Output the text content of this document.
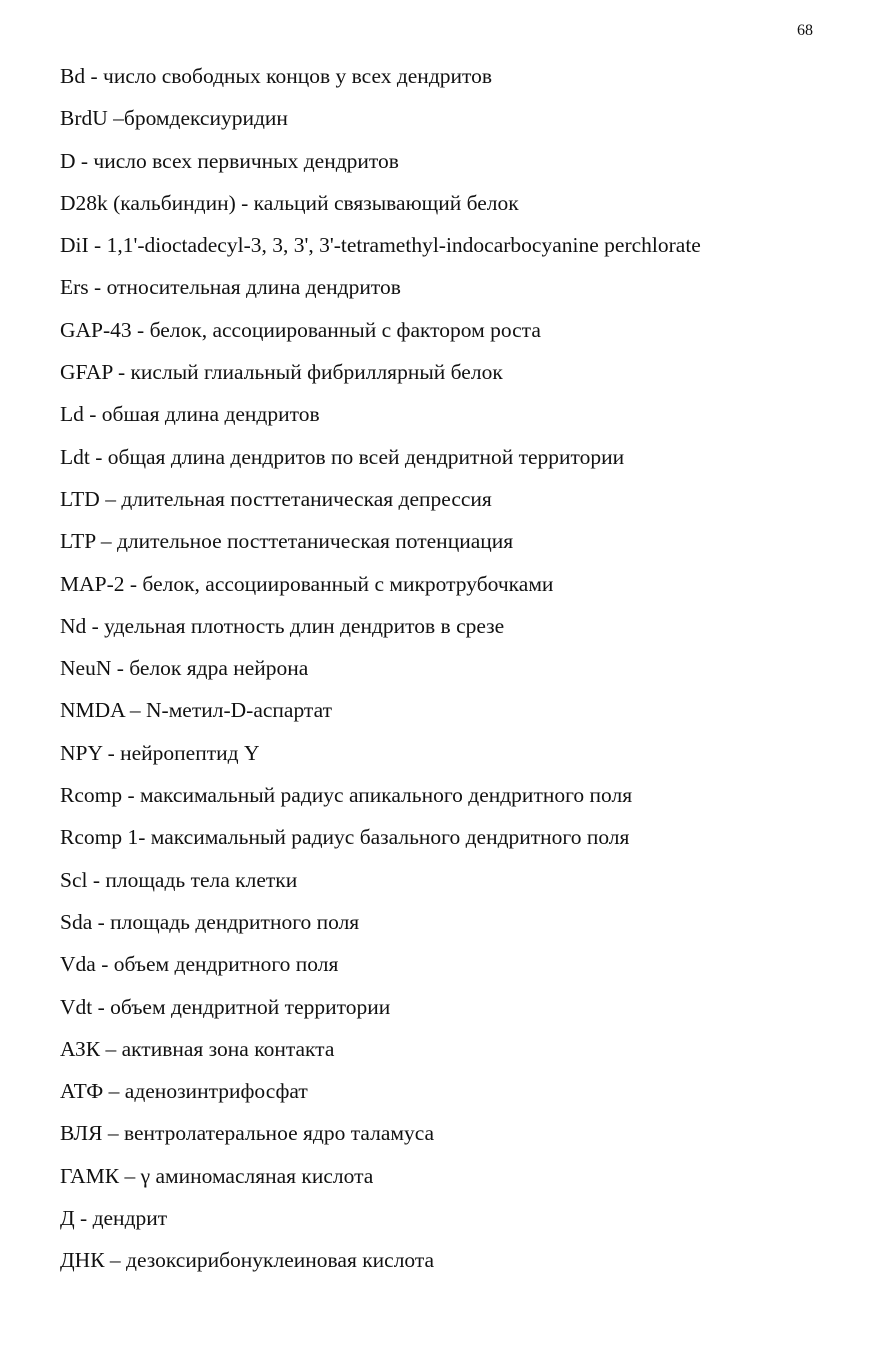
68
Bd - число свободных концов у всех дендритов
BrdU –бромдексиуридин
D - число всех первичных дендритов
D28k (кальбиндин) - кальций связывающий белок
DiI - 1,1'-dioctadecyl-3, 3, 3', 3'-tetramethyl-indocarbocyanine perchlorate
Ers - относительная длина дендритов
GAP-43 - белок, ассоциированный с фактором роста
GFAP - кислый глиальный фибриллярный белок
Ld - обшая длина дендритов
Ldt - общая длина дендритов по всей дендритной территории
LTD – длительная посттетаническая депрессия
LTP – длительное посттетаническая потенциация
MAP-2 - белок, ассоциированный с микротрубочками
Nd - удельная плотность длин дендритов в срезе
NeuN - белок ядра нейрона
NMDA – N-метил-D-аспартат
NPY - нейропептид Y
Rcomp - максимальный радиус апикального дендритного поля
Rcomp 1- максимальный радиус базального дендритного поля
Scl - площадь тела клетки
Sda - площадь дендритного поля
Vda - объем дендритного поля
Vdt - объем дендритной территории
АЗК – активная зона контакта
АТФ – аденозинтрифосфат
ВЛЯ – вентролатеральное ядро таламуса
ГАМК – γ аминомасляная кислота
Д - дендрит
ДНК – дезоксирибонуклеиновая кислота
